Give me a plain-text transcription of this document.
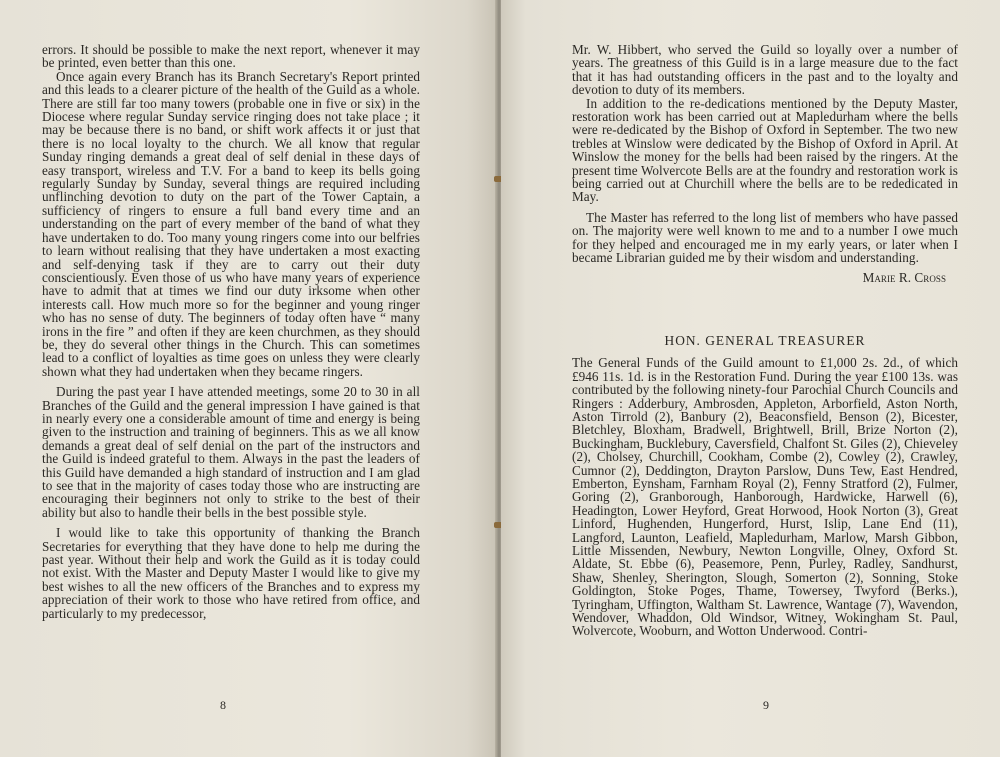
errors. It should be possible to make the next report, whenever it may be printed, even better than this one.

Once again every Branch has its Branch Secretary's Report printed and this leads to a clearer picture of the health of the Guild as a whole. There are still far too many towers (probable one in five or six) in the Diocese where regular Sunday service ringing does not take place ; it may be because there is no band, or shift work affects it or just that there is no local loyalty to the church. We all know that regular Sunday ringing demands a great deal of self denial in these days of easy transport, wireless and T.V. For a band to keep its bells going regularly Sunday by Sunday, several things are required including unflinching devotion to duty on the part of the Tower Captain, a sufficiency of ringers to ensure a full band every time and an understanding on the part of every member of the band of what they have undertaken to do. Too many young ringers come into our belfries to learn without realising that they have undertaken a most exacting and self-denying task if they are to carry out their duty conscientiously. Even those of us who have many years of experience have to admit that at times we find our duty irksome when other interests call. How much more so for the beginner and young ringer who has no sense of duty. The beginners of today often have “ many irons in the fire ” and often if they are keen churchmen, as they should be, they do several other things in the Church. This can sometimes lead to a conflict of loyalties as time goes on unless they were clearly shown what they had undertaken when they became ringers.

During the past year I have attended meetings, some 20 to 30 in all Branches of the Guild and the general impression I have gained is that in nearly every one a considerable amount of time and energy is being given to the instruction and training of beginners. This as we all know demands a great deal of self denial on the part of the instructors and the Guild is indeed grateful to them. Always in the past the leaders of this Guild have demanded a high standard of instruction and I am glad to see that in the majority of cases today those who are instructing are encouraging their beginners not only to strike to the best of their ability but also to handle their bells in the best possible style.

I would like to take this opportunity of thanking the Branch Secretaries for everything that they have done to help me during the past year. Without their help and work the Guild as it is today could not exist. With the Master and Deputy Master I would like to give my best wishes to all the new officers of the Branches and to express my appreciation of their work to those who have retired from office, and particularly to my predecessor,

8

Mr. W. Hibbert, who served the Guild so loyally over a number of years. The greatness of this Guild is in a large measure due to the fact that it has had outstanding officers in the past and to the loyalty and devotion to duty of its members.

In addition to the re-dedications mentioned by the Deputy Master, restoration work has been carried out at Mapledurham where the bells were re-dedicated by the Bishop of Oxford in September. The two new trebles at Winslow were dedicated by the Bishop of Oxford in April. At Winslow the money for the bells had been raised by the ringers. At the present time Wolvercote Bells are at the foundry and restoration work is being carried out at Churchill where the bells are to be rededicated in May.

The Master has referred to the long list of members who have passed on. The majority were well known to me and to a number I owe much for they helped and encouraged me in my early years, or later when I became Librarian guided me by their wisdom and understanding.

Marie R. Cross
HON. GENERAL TREASURER

The General Funds of the Guild amount to £1,000 2s. 2d., of which £946 11s. 1d. is in the Restoration Fund. During the year £100 13s. was contributed by the following ninety-four Parochial Church Councils and Ringers : Adderbury, Ambrosden, Appleton, Arborfield, Aston North, Aston Tirrold (2), Banbury (2), Beaconsfield, Benson (2), Bicester, Bletchley, Bloxham, Bradwell, Brightwell, Brill, Brize Norton (2), Buckingham, Bucklebury, Caversfield, Chalfont St. Giles (2), Chieveley (2), Cholsey, Churchill, Cookham, Combe (2), Cowley (2), Crawley, Cumnor (2), Deddington, Drayton Parslow, Duns Tew, East Hendred, Emberton, Eynsham, Farnham Royal (2), Fenny Stratford (2), Fulmer, Goring (2), Granborough, Hanborough, Hardwicke, Harwell (6), Headington, Lower Heyford, Great Horwood, Hook Norton (3), Great Linford, Hughenden, Hungerford, Hurst, Islip, Lane End (11), Langford, Launton, Leafield, Mapledurham, Marlow, Marsh Gibbon, Little Missenden, Newbury, Newton Longville, Olney, Oxford St. Aldate, St. Ebbe (6), Peasemore, Penn, Purley, Radley, Sandhurst, Shaw, Shenley, Sherington, Slough, Somerton (2), Sonning, Stoke Goldington, Stoke Poges, Thame, Towersey, Twyford (Berks.), Tyringham, Uffington, Waltham St. Lawrence, Wantage (7), Wavendon, Wendover, Whaddon, Old Windsor, Witney, Wokingham St. Paul, Wolvercote, Wooburn, and Wotton Underwood. Contri-

9
